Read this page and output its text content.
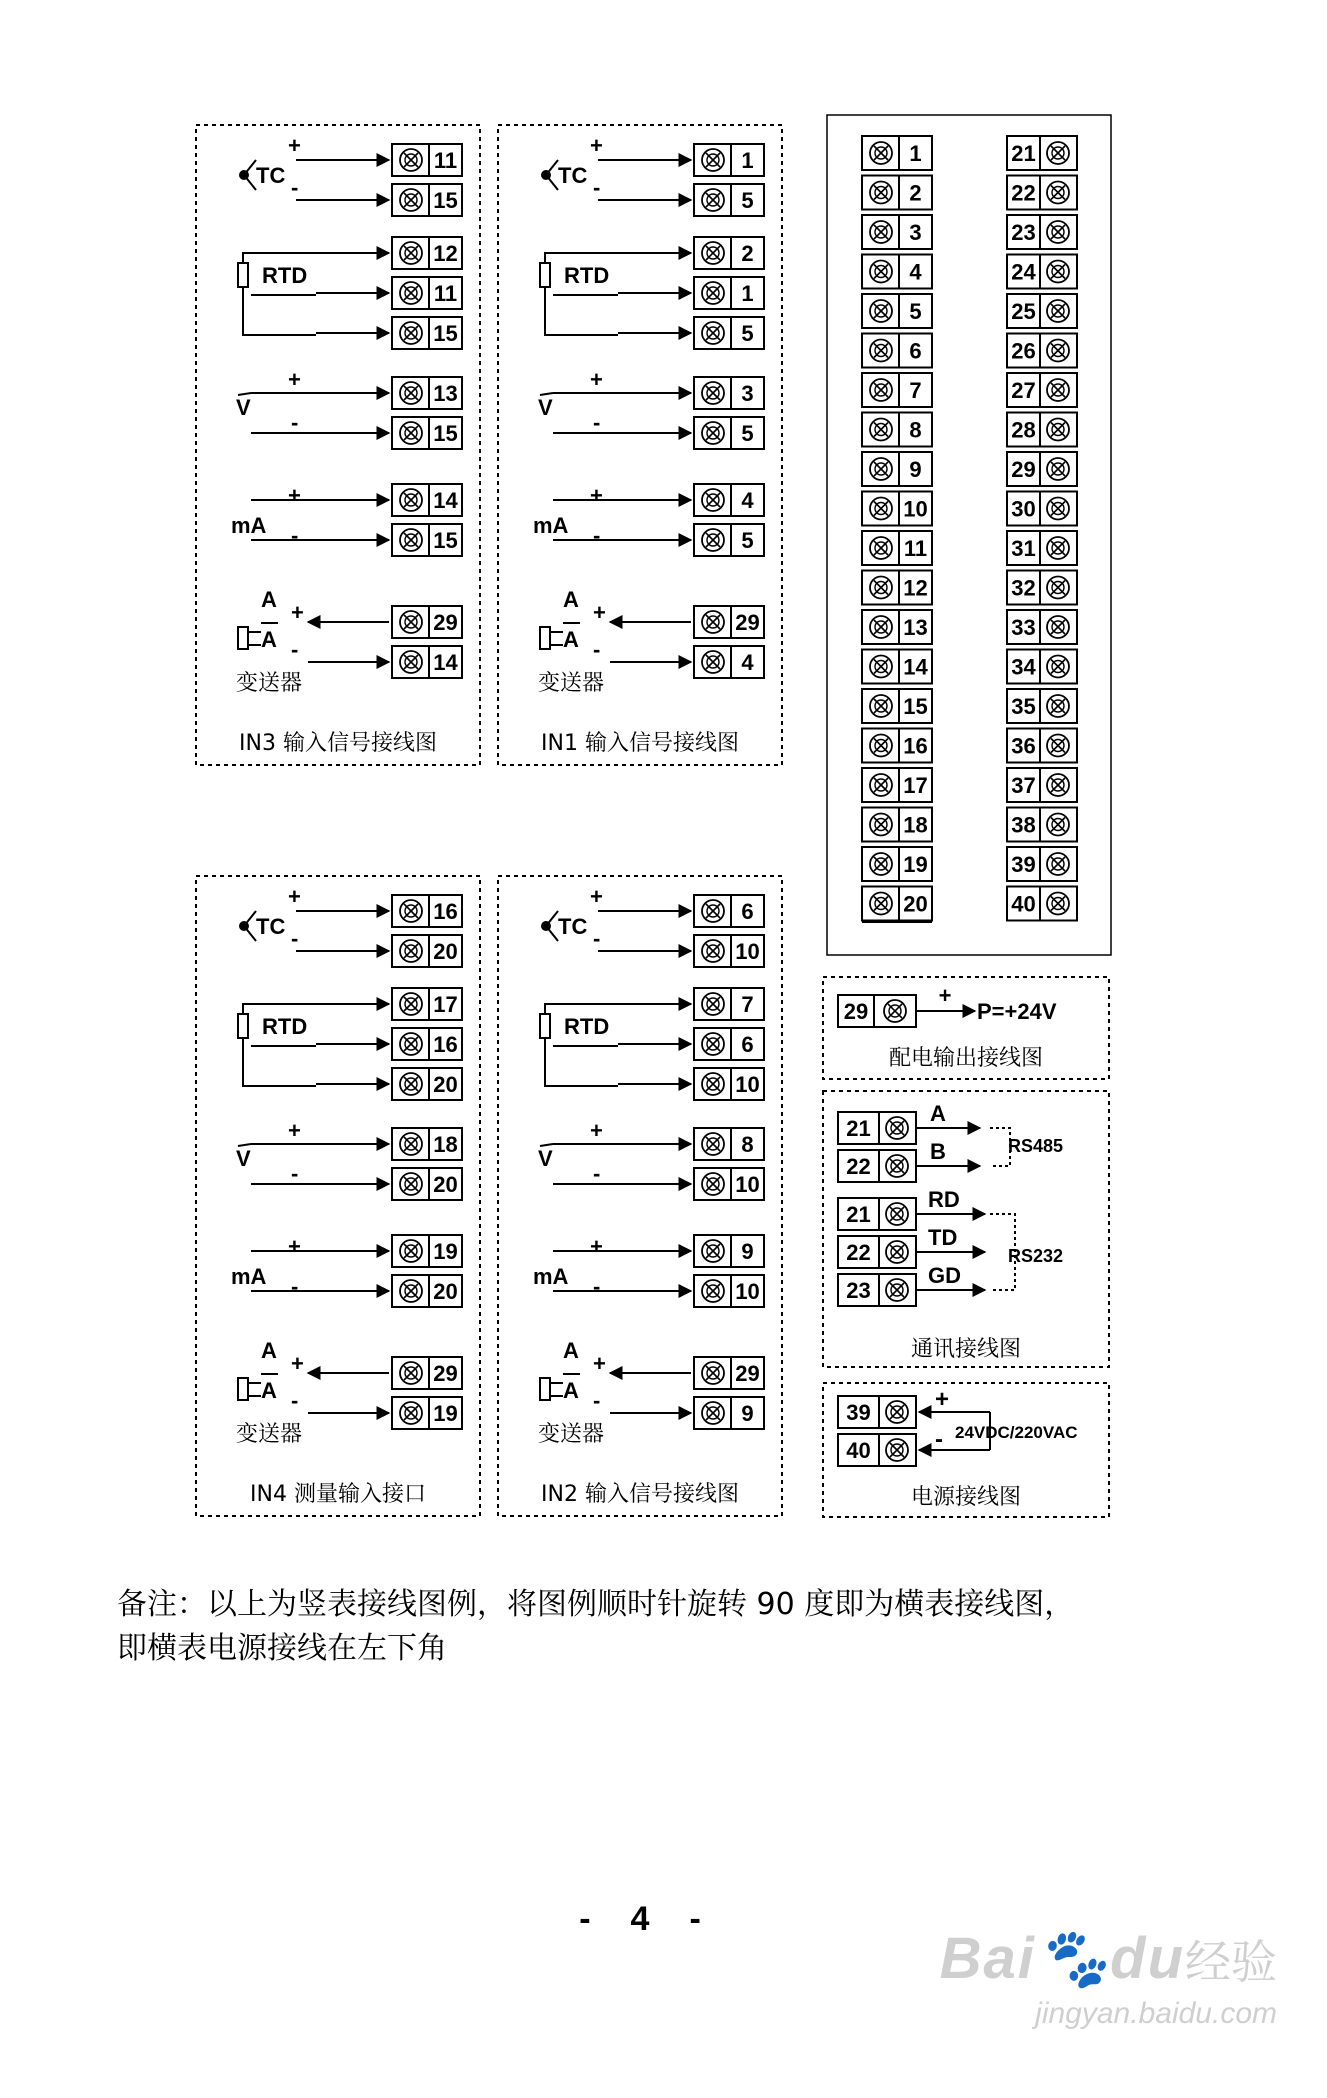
IN3 输入信号接线图
TC
+
-
11
15
RTD
12
11
15
V
+
-
13
15
mA
+
-
14
15
A
A
+
-
变送器
29
14
IN1 输入信号接线图
TC
+
-
1
5
RTD
2
1
5
V
+
-
3
5
mA
+
-
4
5
A
A
+
-
变送器
29
4
IN4 测量输入接口
TC
+
-
16
20
RTD
17
16
20
V
+
-
18
20
mA
+
-
19
20
A
A
+
-
变送器
29
19
IN2 输入信号接线图
TC
+
-
6
10
RTD
7
6
10
V
+
-
8
10
mA
+
-
9
10
A
A
+
-
变送器
29
9
1
2
3
4
5
6
7
8
9
10
11
12
13
14
15
16
17
18
19
20
21
22
23
24
25
26
27
28
29
30
31
32
33
34
35
36
37
38
39
40
29
+
P=+24V
配电输出接线图
通讯接线图
21
A
22
B	RS485
21
RD
22
TD
23
GD
RS232
电源接线图
39
40
+
- 24VDC/220VAC

备注：以上为竖表接线图例，将图例顺时针旋转 90 度即为横表接线图，

即横表电源接线在左下角

-4-
Bai🐾du经验
jingyan.baidu.com
